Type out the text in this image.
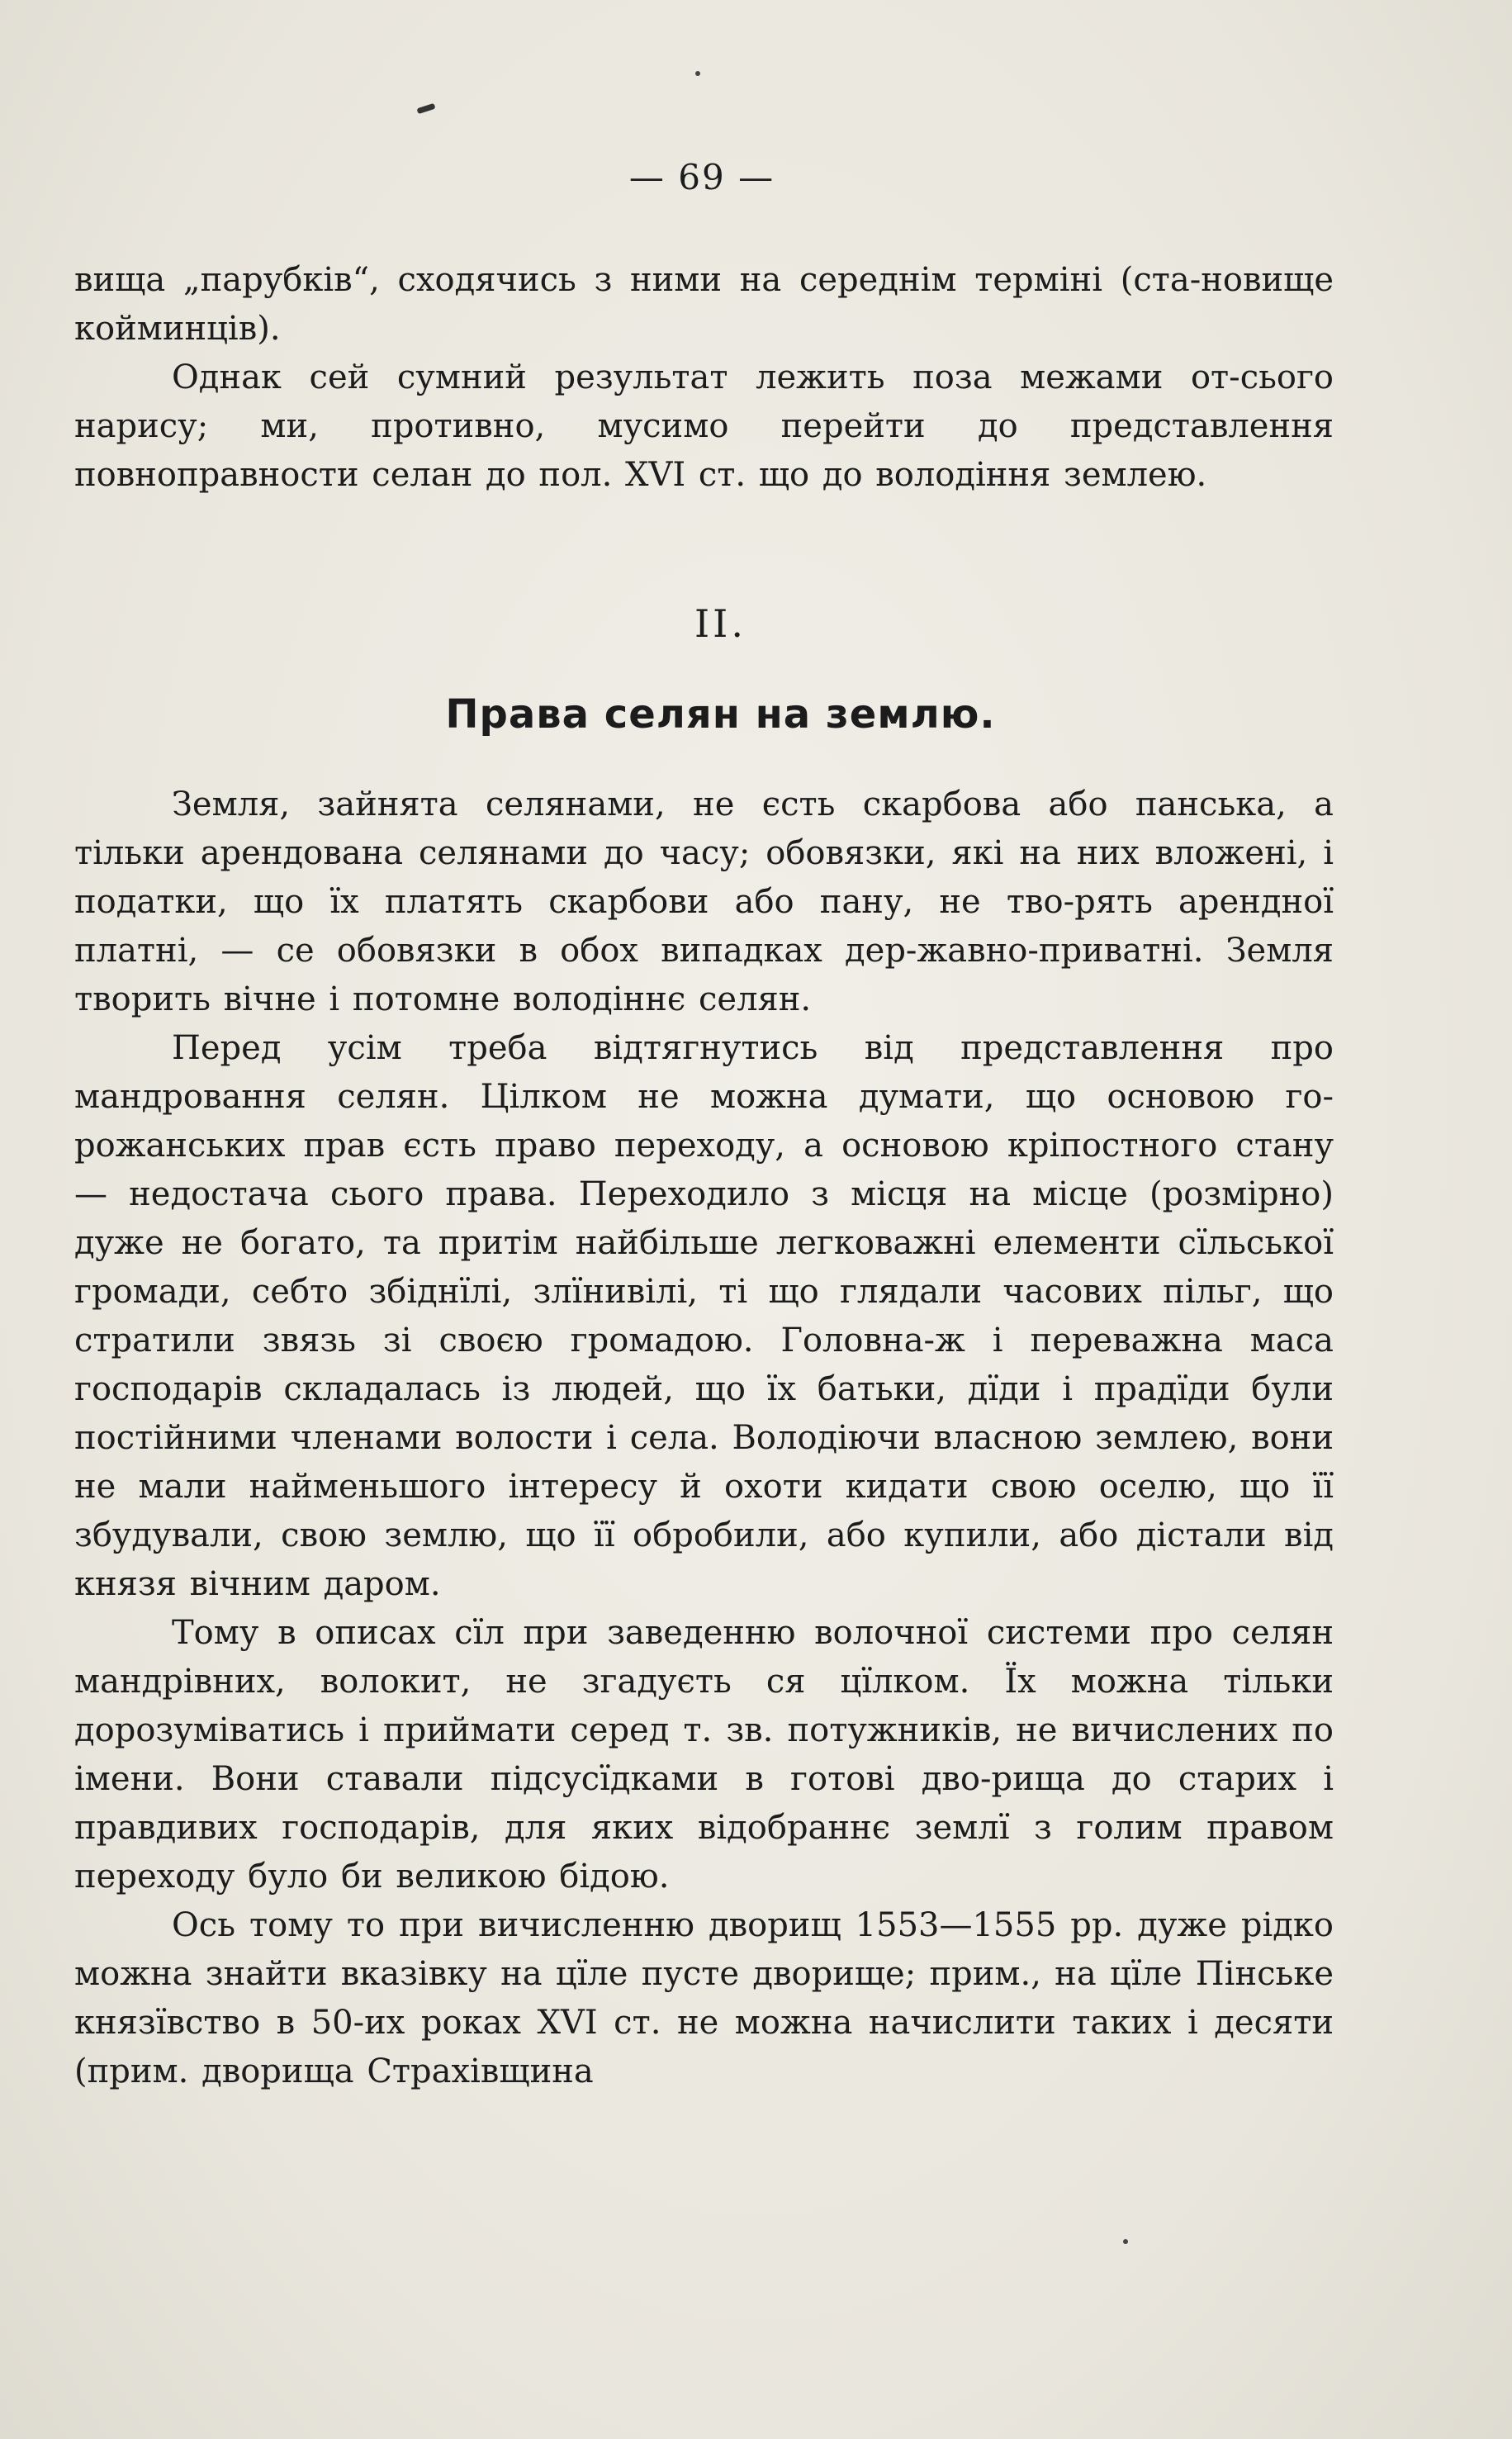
— 69 —

вища „парубків“, сходячись з ними на середнім терміні (ста-новище койминців).

Однак сей сумний результат лежить поза межами от-сього нарису; ми, противно, мусимо перейти до представлення повноправности селан до пол. XVI ст. що до володіння землею.

II.
Права селян на землю.

Земля, зайнята селянами, не єсть скарбова або панська, а тільки арендована селянами до часу; обовязки, які на них вложені, і податки, що їх платять скарбови або пану, не тво-рять арендної платні, — се обовязки в обох випадках дер-жавно-приватні. Земля творить вічне і потомне володіннє селян.

Перед усім треба відтягнутись від представлення про мандровання селян. Цілком не можна думати, що основою го-рожанських прав єсть право переходу, а основою кріпостного стану — недостача сього права. Переходило з місця на місце (розмірно) дуже не богато, та притім найбільше легковажні елементи сїльської громади, себто збіднїлі, злїнивілі, ті що глядали часових пільг, що стратили звязь зі своєю громадою. Головна-ж і переважна маса господарів складалась із людей, що їх батьки, дїди і прадїди були постійними членами волости і села. Володіючи власною землею, вони не мали найменьшого інтересу й охоти кидати свою оселю, що її збудували, свою землю, що її обробили, або купили, або дістали від князя вічним даром.

Тому в описах сїл при заведенню волочної системи про селян мандрівних, волокит, не згадуєть ся цїлком. Їх можна тільки дорозуміватись і приймати серед т. зв. потужників, не вичислених по імени. Вони ставали підсусїдками в готові дво-рища до старих і правдивих господарів, для яких відобраннє землї з голим правом переходу було би великою бідою.

Ось тому то при вичисленню дворищ 1553—1555 рр. дуже рідко можна знайти вказівку на цїле пусте дворище; прим., на цїле Пінське князївство в 50-их роках XVI ст. не можна начислити таких і десяти (прим. дворища Страхівщина
